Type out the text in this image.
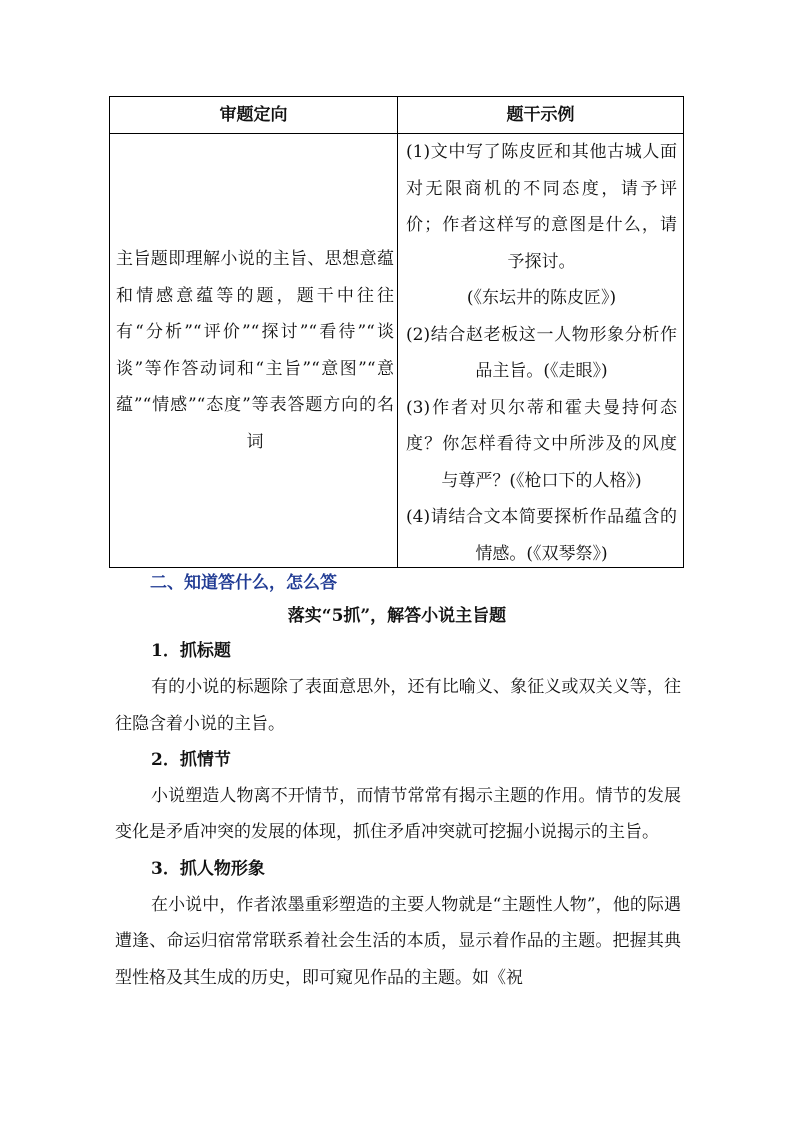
审题定向	题干示例
主旨题即理解小说的主旨、思想意蕴和情感意蕴等的题，题干中往往有“分析”“评价”“探讨”“看待”“谈谈”等作答动词和“主旨”“意图”“意蕴”“情感”“态度”等表答题方向的名词

(1)文中写了陈皮匠和其他古城人面对无限商机的不同态度，请予评价；作者这样写的意图是什么，请予探讨。

(《东坛井的陈皮匠》)

(2)结合赵老板这一人物形象分析作品主旨。(《走眼》)

(3)作者对贝尔蒂和霍夫曼持何态度？你怎样看待文中所涉及的风度与尊严？(《枪口下的人格》)

(4)请结合文本简要探析作品蕴含的情感。(《双琴祭》)

二、知道答什么，怎么答
落实“5抓”，解答小说主旨题
1．抓标题

有的小说的标题除了表面意思外，还有比喻义、象征义或双关义等，往往隐含着小说的主旨。

2．抓情节

小说塑造人物离不开情节，而情节常常有揭示主题的作用。情节的发展变化是矛盾冲突的发展的体现，抓住矛盾冲突就可挖掘小说揭示的主旨。

3．抓人物形象

在小说中，作者浓墨重彩塑造的主要人物就是“主题性人物”，他的际遇遭逢、命运归宿常常联系着社会生活的本质，显示着作品的主题。把握其典型性格及其生成的历史，即可窥见作品的主题。如《祝
